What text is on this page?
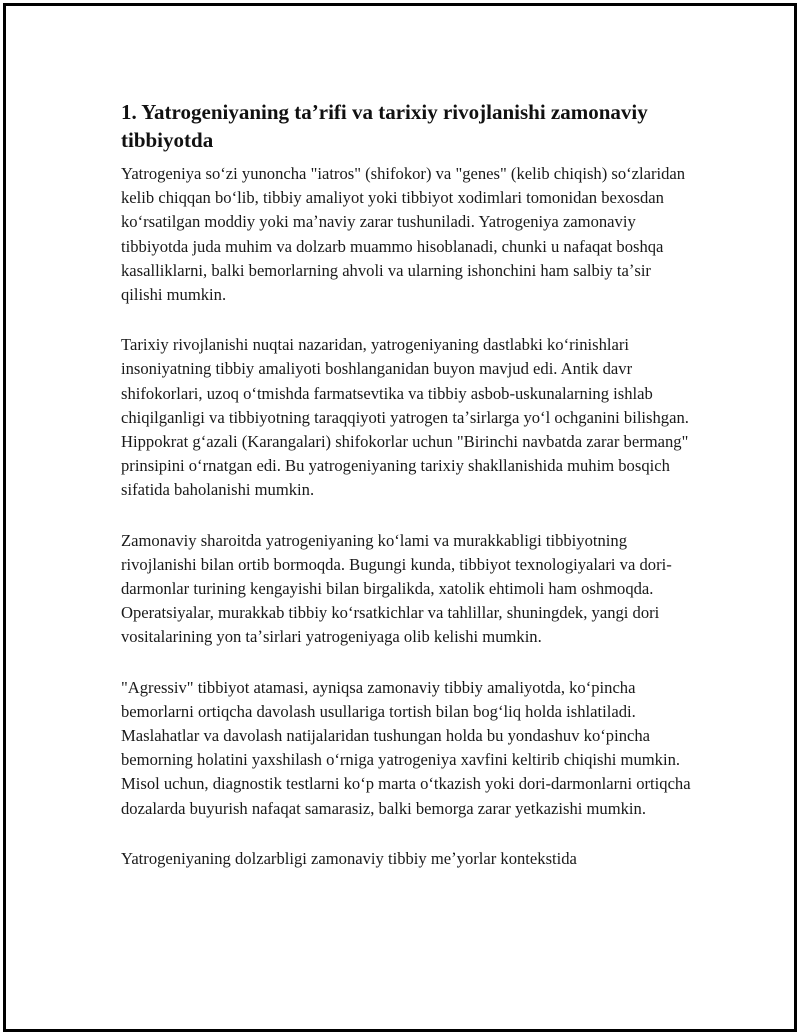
1. Yatrogeniyaning taʼrifi va tarixiy rivojlanishi zamonaviy tibbiyotda

Yatrogeniya soʻzi yunoncha "iatros" (shifokor) va "genes" (kelib chiqish) soʻzlaridan kelib chiqqan boʻlib, tibbiy amaliyot yoki tibbiyot xodimlari tomonidan bexosdan koʻrsatilgan moddiy yoki maʼnaviy zarar tushuniladi. Yatrogeniya zamonaviy tibbiyotda juda muhim va dolzarb muammo hisoblanadi, chunki u nafaqat boshqa kasalliklarni, balki bemorlarning ahvoli va ularning ishonchini ham salbiy taʼsir qilishi mumkin.

Tarixiy rivojlanishi nuqtai nazaridan, yatrogeniyaning dastlabki koʻrinishlari insoniyatning tibbiy amaliyoti boshlanganidan buyon mavjud edi. Antik davr shifokorlari, uzoq oʻtmishda farmatsevtika va tibbiy asbob-uskunalarning ishlab chiqilganligi va tibbiyotning taraqqiyoti yatrogen taʼsirlarga yoʻl ochganini bilishgan. Hippokrat gʻazali (Karangalari) shifokorlar uchun "Birinchi navbatda zarar bermang" prinsipini oʻrnatgan edi. Bu yatrogeniyaning tarixiy shakllanishida muhim bosqich sifatida baholanishi mumkin.

Zamonaviy sharoitda yatrogeniyaning koʻlami va murakkabligi tibbiyotning rivojlanishi bilan ortib bormoqda. Bugungi kunda, tibbiyot texnologiyalari va dori-darmonlar turining kengayishi bilan birgalikda, xatolik ehtimoli ham oshmoqda. Operatsiyalar, murakkab tibbiy koʻrsatkichlar va tahlillar, shuningdek, yangi dori vositalarining yon taʼsirlari yatrogeniyaga olib kelishi mumkin.

"Agressiv" tibbiyot atamasi, ayniqsa zamonaviy tibbiy amaliyotda, koʻpincha bemorlarni ortiqcha davolash usullariga tortish bilan bogʻliq holda ishlatiladi. Maslahatlar va davolash natijalaridan tushungan holda bu yondashuv koʻpincha bemorning holatini yaxshilash oʻrniga yatrogeniya xavfini keltirib chiqishi mumkin. Misol uchun, diagnostik testlarni koʻp marta oʻtkazish yoki dori-darmonlarni ortiqcha dozalarda buyurish nafaqat samarasiz, balki bemorga zarar yetkazishi mumkin.

Yatrogeniyaning dolzarbligi zamonaviy tibbiy meʼyorlar kontekstida
